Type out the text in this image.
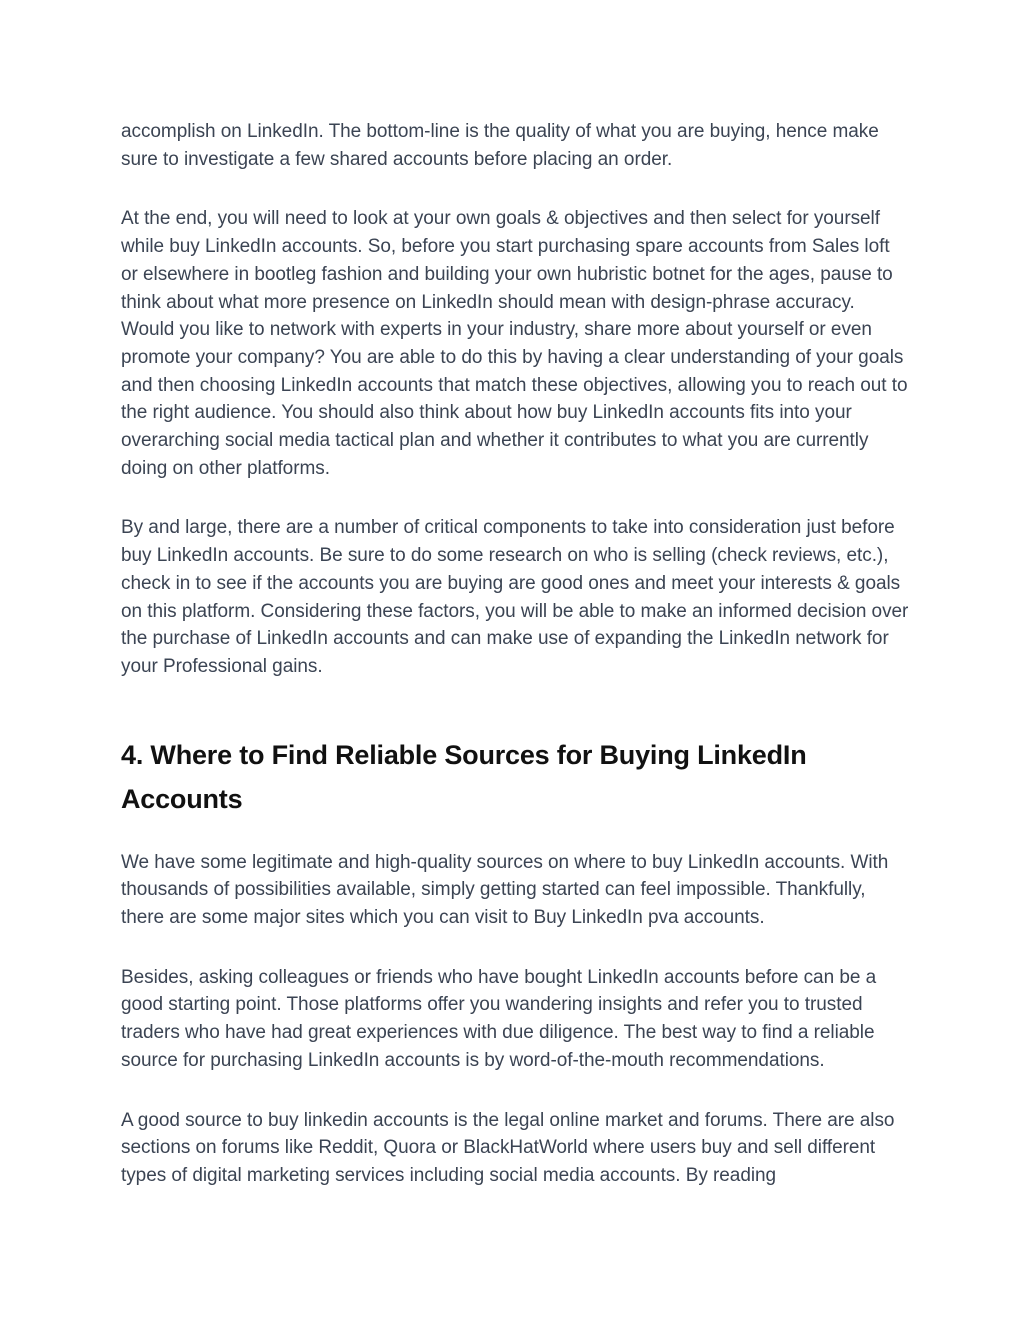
accomplish on LinkedIn. The bottom-line is the quality of what you are buying, hence make sure to investigate a few shared accounts before placing an order.

At the end, you will need to look at your own goals & objectives and then select for yourself while buy LinkedIn accounts. So, before you start purchasing spare accounts from Sales loft or elsewhere in bootleg fashion and building your own hubristic botnet for the ages, pause to think about what more presence on LinkedIn should mean with design-phrase accuracy. Would you like to network with experts in your industry, share more about yourself or even promote your company? You are able to do this by having a clear understanding of your goals and then choosing LinkedIn accounts that match these objectives, allowing you to reach out to the right audience. You should also think about how buy LinkedIn accounts fits into your overarching social media tactical plan and whether it contributes to what you are currently doing on other platforms.

By and large, there are a number of critical components to take into consideration just before buy LinkedIn accounts. Be sure to do some research on who is selling (check reviews, etc.), check in to see if the accounts you are buying are good ones and meet your interests & goals on this platform. Considering these factors, you will be able to make an informed decision over the purchase of LinkedIn accounts and can make use of expanding the LinkedIn network for your Professional gains.

4. Where to Find Reliable Sources for Buying LinkedIn Accounts

We have some legitimate and high-quality sources on where to buy LinkedIn accounts. With thousands of possibilities available, simply getting started can feel impossible. Thankfully, there are some major sites which you can visit to Buy LinkedIn pva accounts.

Besides, asking colleagues or friends who have bought LinkedIn accounts before can be a good starting point. Those platforms offer you wandering insights and refer you to trusted traders who have had great experiences with due diligence. The best way to find a reliable source for purchasing LinkedIn accounts is by word-of-the-mouth recommendations.

A good source to buy linkedin accounts is the legal online market and forums. There are also sections on forums like Reddit, Quora or BlackHatWorld where users buy and sell different types of digital marketing services including social media accounts. By reading
